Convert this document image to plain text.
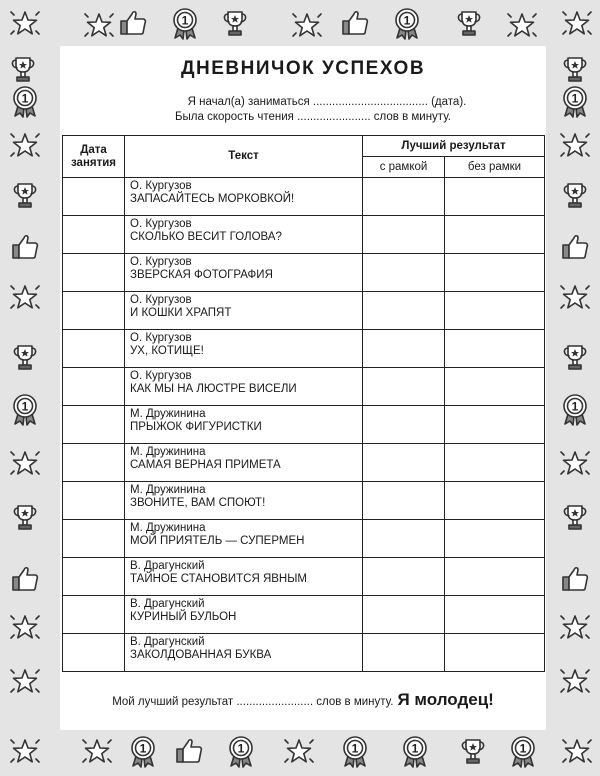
1	1
1
1
1
1
1	1	1	1	1
ДНЕВНИЧОК УСПЕХОВ
Я начал(а) заниматься .................................... (дата).
Была скорость чтения ....................... слов в минуту.
Дата занятия	Текст	Лучший результат	
		с рамкой	без рамки

	О. Кургузов
ЗАПАСАЙТЕСЬ МОРКОВКОЙ!		

	О. Кургузов
СКОЛЬКО ВЕСИТ ГОЛОВА?		

	О. Кургузов
ЗВЕРСКАЯ ФОТОГРАФИЯ		

	О. Кургузов
И КОШКИ ХРАПЯТ		

	О. Кургузов
УХ, КОТИЩЕ!		

	О. Кургузов
КАК МЫ НА ЛЮСТРЕ ВИСЕЛИ		

	М. Дружинина
ПРЫЖОК ФИГУРИСТКИ		

	М. Дружинина
САМАЯ ВЕРНАЯ ПРИМЕТА		

	М. Дружинина
ЗВОНИТЕ, ВАМ СПОЮТ!		

	М. Дружинина
МОЙ ПРИЯТЕЛЬ — СУПЕРМЕН		

	В. Драгунский
ТАЙНОЕ СТАНОВИТСЯ ЯВНЫМ		

	В. Драгунский
КУРИНЫЙ БУЛЬОН		

	В. Драгунский
ЗАКОЛДОВАННАЯ БУКВА		

Мой лучший результат ........................ слов в минуту. Я молодец!
